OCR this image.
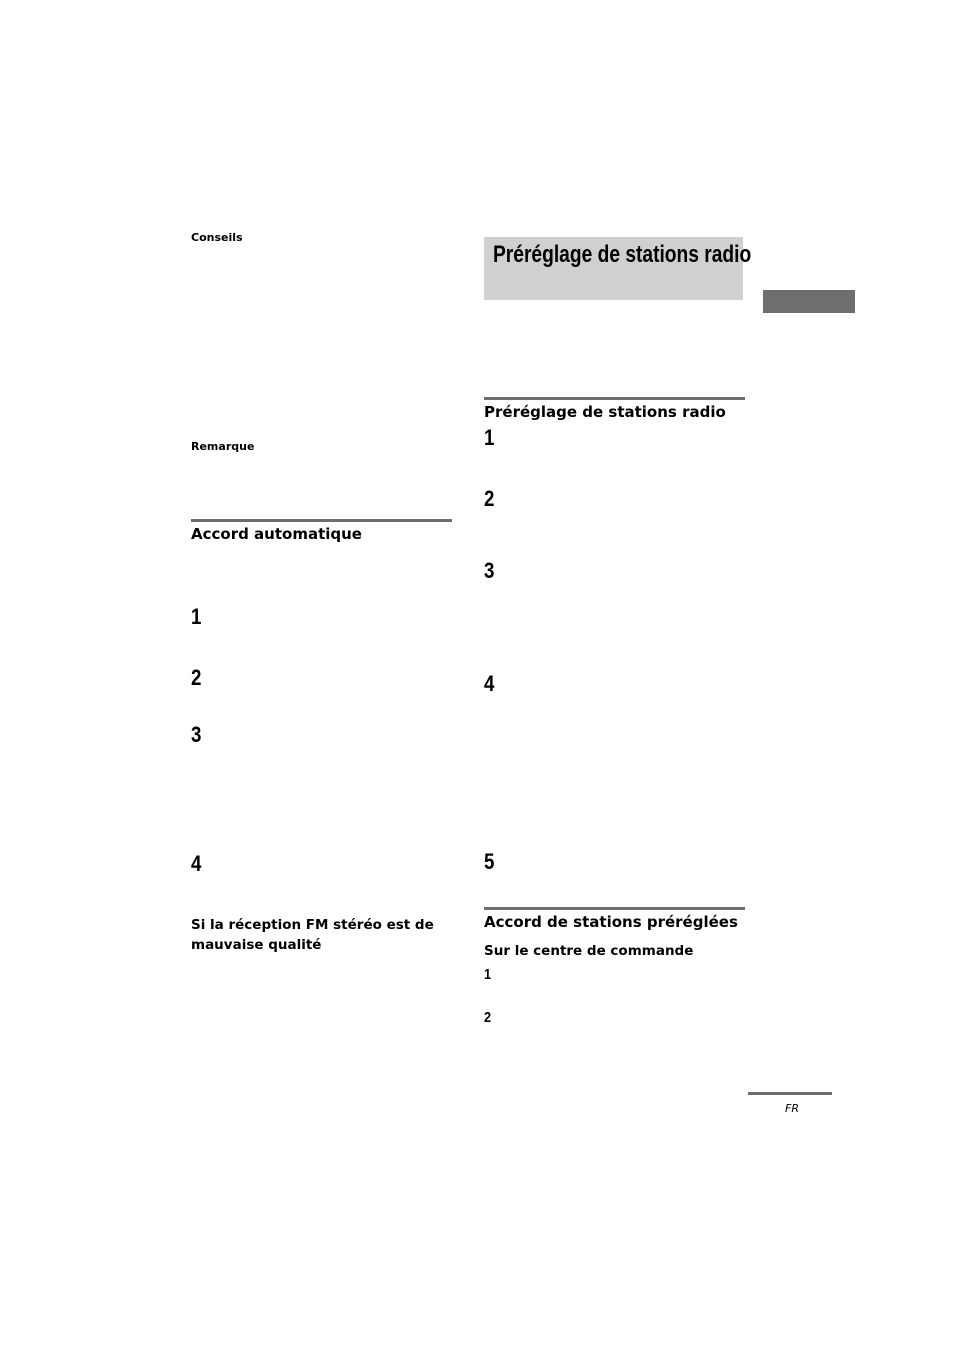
Conseils
Remarque
Accord automatique
1
2
3
4
Si la réception FM stéréo est de mauvaise qualité
Préréglage de stations radio
Préréglage de stations radio
1
2
3
4
5
Accord de stations préréglées
Sur le centre de commande
1
2
FR
